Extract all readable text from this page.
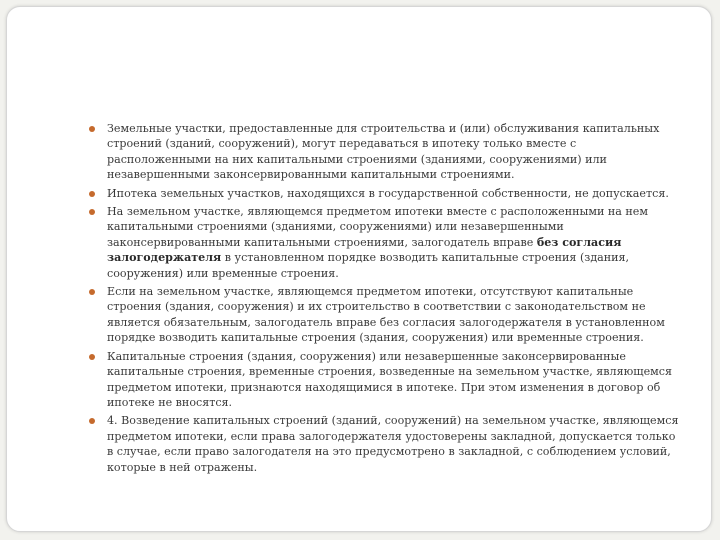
Земельные участки, предоставленные для строительства и (или) обслуживания капитальных строений (зданий, сооружений), могут передаваться в ипотеку только вместе с расположенными на них капитальными строениями (зданиями, сооружениями) или незавершенными законсервированными капитальными строениями.
Ипотека земельных участков, находящихся в государственной собственности, не допускается.
На земельном участке, являющемся предметом ипотеки вместе с расположенными на нем капитальными строениями (зданиями, сооружениями) или незавершенными законсервированными капитальными строениями, залогодатель вправе без согласия залогодержателя в установленном порядке возводить капитальные строения (здания, сооружения) или временные строения.
Если на земельном участке, являющемся предметом ипотеки, отсутствуют капитальные строения (здания, сооружения) и их строительство в соответствии с законодательством не является обязательным, залогодатель вправе без согласия залогодержателя в установленном порядке возводить капитальные строения (здания, сооружения) или временные строения.
Капитальные строения (здания, сооружения) или незавершенные законсервированные капитальные строения, временные строения, возведенные на земельном участке, являющемся предметом ипотеки, признаются находящимися в ипотеке. При этом изменения в договор об ипотеке не вносятся.
4. Возведение капитальных строений (зданий, сооружений) на земельном участке, являющемся предметом ипотеки, если права залогодержателя удостоверены закладной, допускается только в случае, если право залогодателя на это предусмотрено в закладной, с соблюдением условий, которые в ней отражены.
